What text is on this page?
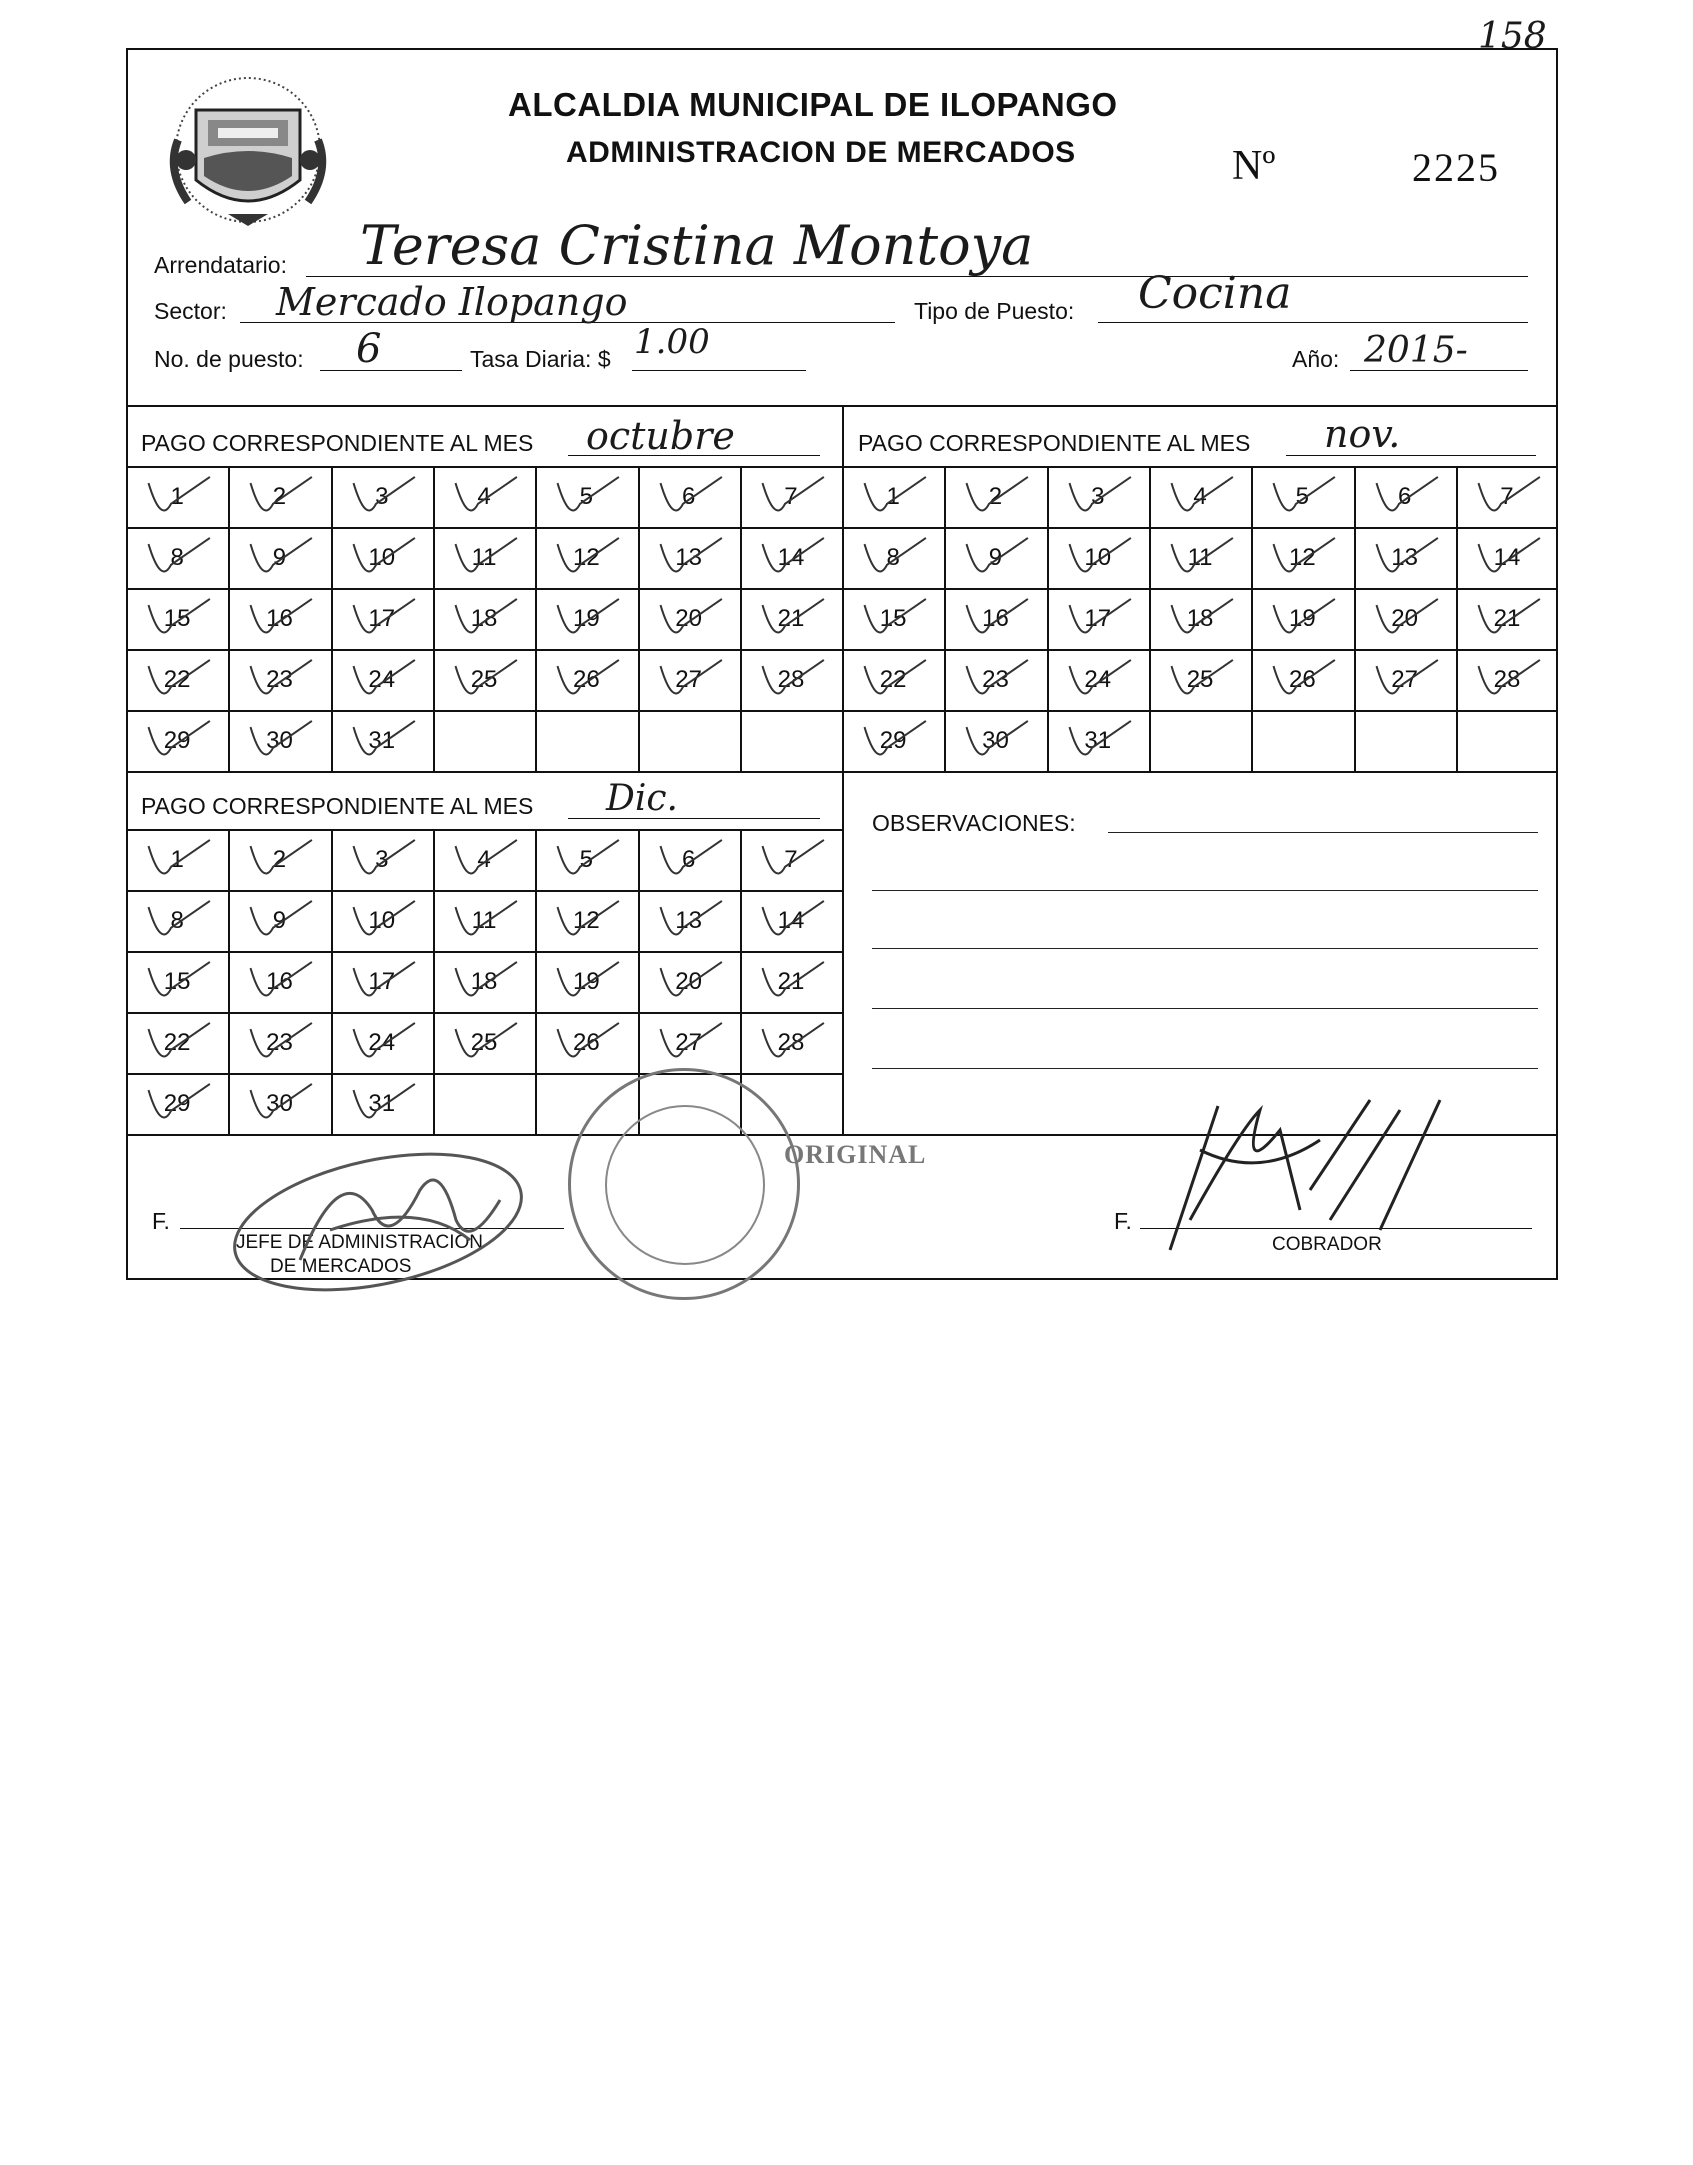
158
ALCALDIA MUNICIPAL DE ILOPANGO
ADMINISTRACION DE MERCADOS	Nº	2225
Arrendatario: Teresa Cristina Montoya
Sector: Mercado Ilopango	Tipo de Puesto: Cocina
No. de puesto: 6	Tasa Diaria: $ 1.00	Año: 2015-
PAGO CORRESPONDIENTE AL MES octubre	PAGO CORRESPONDIENTE AL MES nov.
PAGO CORRESPONDIENTE AL MES Dic.
1	2	3	4	5	6	7
8	9	10	11	12	13	14
15	16	17	18	19	20	21
22	23	24	25	26	27	28
29	30	31
1	2	3	4	5	6	7
8	9	10	11	12	13	14
15	16	17	18	19	20	21
22	23	24	25	26	27	28
29	30	31
1	2	3	4	5	6	7
8	9	10	11	12	13	14
15	16	17	18	19	20	21
22	23	24	25	26	27	28
29	30	31
OBSERVACIONES:
F.
JEFE DE ADMINISTRACION
DE MERCADOS
F.
COBRADOR
ORIGINAL
